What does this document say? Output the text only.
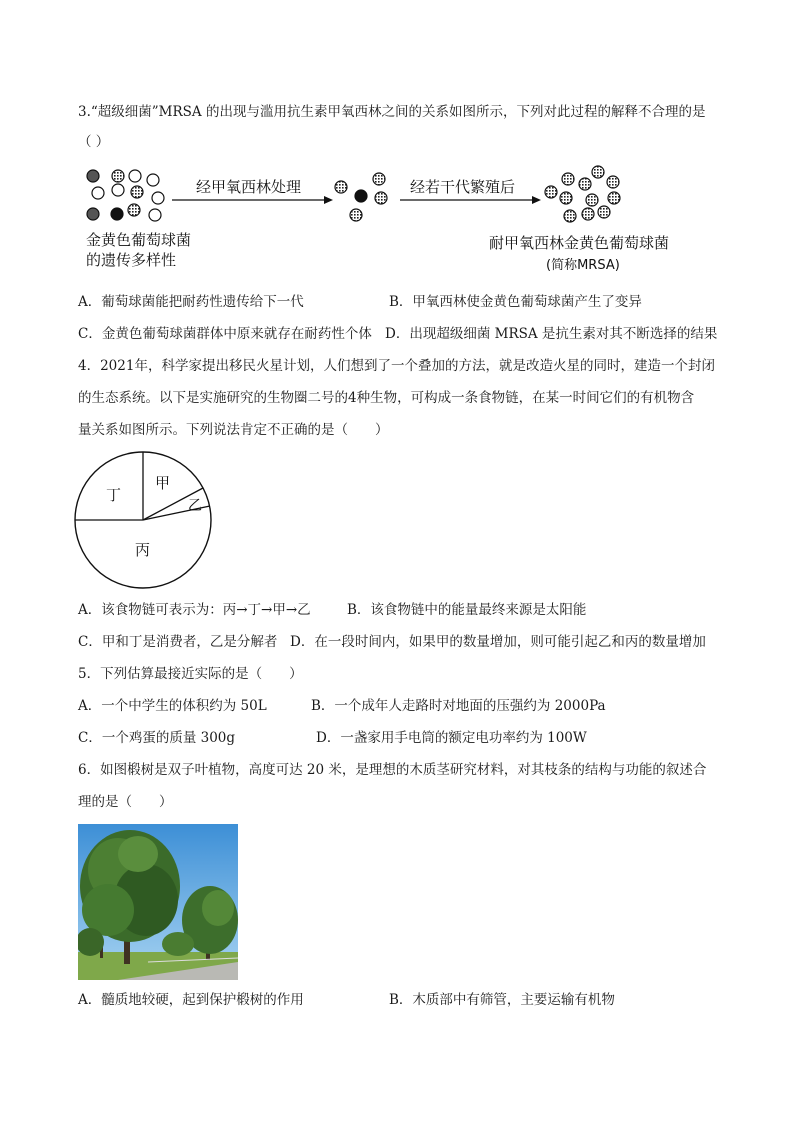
3.“超级细菌”MRSA 的出现与滥用抗生素甲氧西林之间的关系如图所示，下列对此过程的解释不合理的是
（ ）
经甲氧西林处理	经若干代繁殖后
金黄色葡萄球菌
的遗传多样性
耐甲氧西林金黄色葡萄球菌
(简称MRSA)
A．葡萄球菌能把耐药性遗传给下一代	B．甲氧西林使金黄色葡萄球菌产生了变异
C．金黄色葡萄球菌群体中原来就存在耐药性个体 D．出现超级细菌 MRSA 是抗生素对其不断选择的结果
4．2021年，科学家提出移民火星计划，人们想到了一个叠加的方法，就是改造火星的同时，建造一个封闭
的生态系统。以下是实施研究的生物圈二号的4种生物，可构成一条食物链，在某一时间它们的有机物含
量关系如图所示。下列说法肯定不正确的是（　　）
丁
甲
乙
丙
A．该食物链可表示为：丙→丁→甲→乙	B．该食物链中的能量最终来源是太阳能
C．甲和丁是消费者，乙是分解者 D．在一段时间内，如果甲的数量增加，则可能引起乙和丙的数量增加
5．下列估算最接近实际的是（　　）
A．一个中学生的体积约为 50L	B．一个成年人走路时对地面的压强约为 2000Pa
C．一个鸡蛋的质量 300g	D．一盏家用手电筒的额定电功率约为 100W
6．如图椴树是双子叶植物，高度可达 20 米，是理想的木质茎研究材料，对其枝条的结构与功能的叙述合
理的是（　　）
A．髓质地较硬，起到保护椴树的作用	B．木质部中有筛管，主要运输有机物
